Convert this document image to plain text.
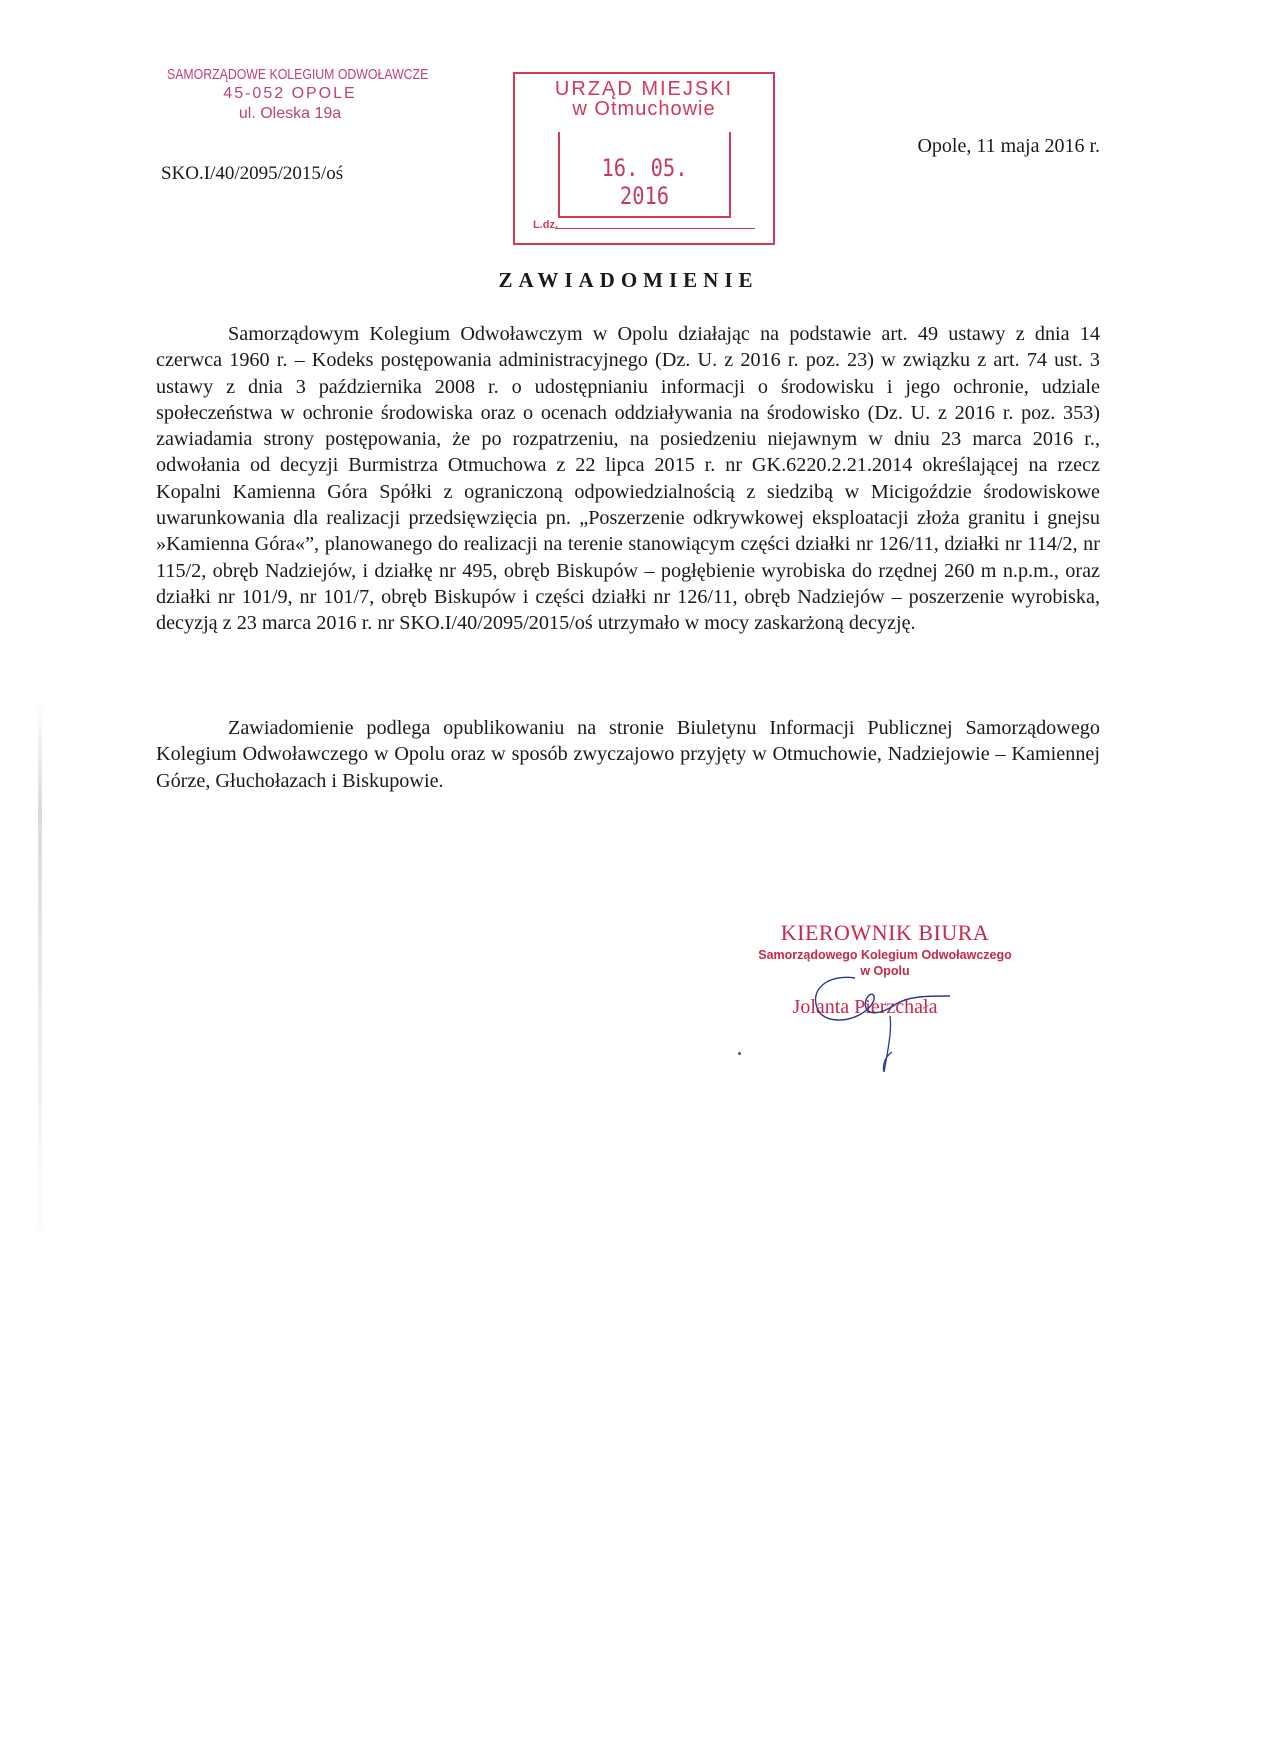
SAMORZĄDOWE KOLEGIUM ODWOŁAWCZE
45-052 OPOLE
ul. Oleska 19a
SKO.I/40/2095/2015/oś
URZĄD MIEJSKI
w Otmuchowie
16. 05. 2016
L.dz.
Opole, 11 maja 2016 r.
ZAWIADOMIENIE

Samorządowym Kolegium Odwoławczym w Opolu działając na podstawie art. 49 ustawy z dnia 14 czerwca 1960 r. – Kodeks postępowania administracyjnego (Dz. U. z 2016 r. poz. 23) w związku z art. 74 ust. 3 ustawy z dnia 3 października 2008 r. o udostępnianiu informacji o środowisku i jego ochronie, udziale społeczeństwa w ochronie środowiska oraz o ocenach oddziaływania na środowisko (Dz. U. z 2016 r. poz. 353) zawiadamia strony postępowania, że po rozpatrzeniu, na posiedzeniu niejawnym w dniu 23 marca 2016 r., odwołania od decyzji Burmistrza Otmuchowa z 22 lipca 2015 r. nr GK.6220.2.21.2014 określającej na rzecz Kopalni Kamienna Góra Spółki z ograniczoną odpowiedzialnością z siedzibą w Micigoździe środowiskowe uwarunkowania dla realizacji przedsięwzięcia pn. „Poszerzenie odkrywkowej eksploatacji złoża granitu i gnejsu »Kamienna Góra«”, planowanego do realizacji na terenie stanowiącym części działki nr 126/11, działki nr 114/2, nr 115/2, obręb Nadziejów, i działkę nr 495, obręb Biskupów – pogłębienie wyrobiska do rzędnej 260 m n.p.m., oraz działki nr 101/9, nr 101/7, obręb Biskupów i części działki nr 126/11, obręb Nadziejów – poszerzenie wyrobiska, decyzją z 23 marca 2016 r. nr SKO.I/40/2095/2015/oś utrzymało w mocy zaskarżoną decyzję.

Zawiadomienie podlega opublikowaniu na stronie Biuletynu Informacji Publicznej Samorządowego Kolegium Odwoławczego w Opolu oraz w sposób zwyczajowo przyjęty w Otmuchowie, Nadziejowie – Kamiennej Górze, Głuchołazach i Biskupowie.

KIEROWNIK BIURA
Samorządowego Kolegium Odwoławczego
w Opolu
Jolanta Pierzchała
